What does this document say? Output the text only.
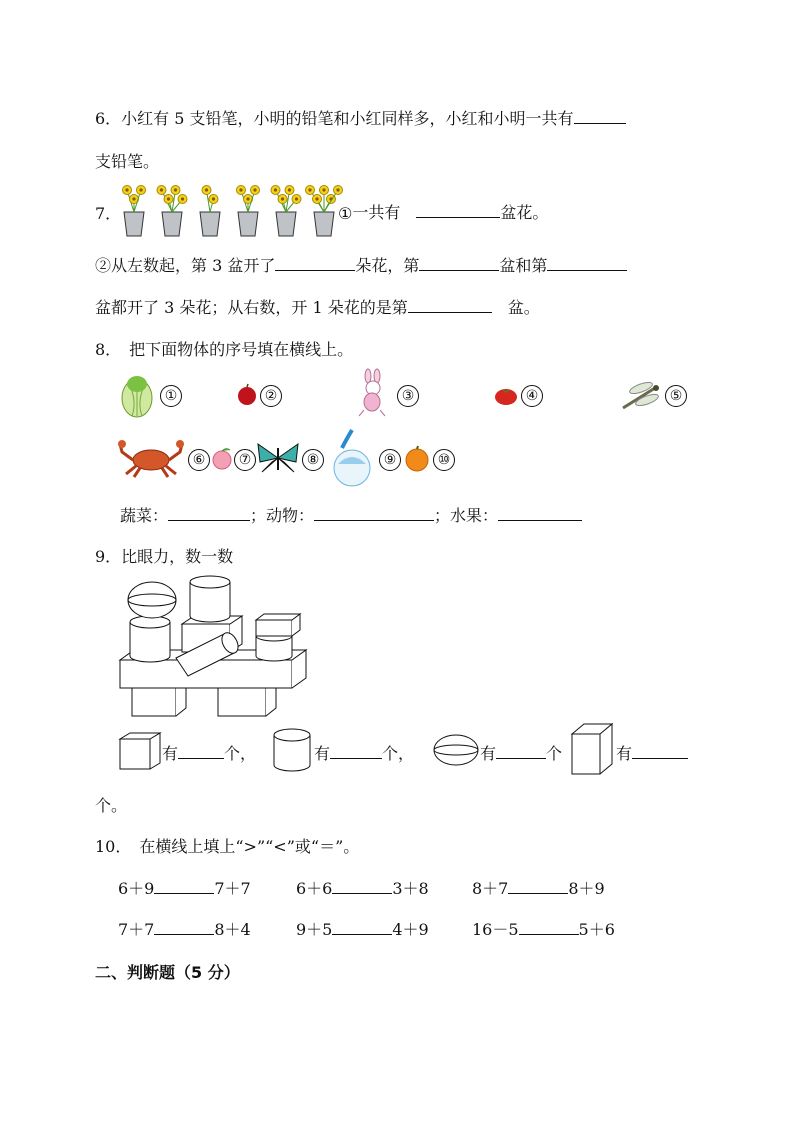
6．小红有 5 支铅笔，小明的铅笔和小红同样多，小红和小明一共有
支铅笔。
7．	①一共有　	盆花。
②从左数起，第 3 盆开了	朵花，第	盆和第
盆都开了 3 朵花；从右数，开 1 朵花的是第　	盆。
8．　把下面物体的序号填在横线上。
①	②	③	④	⑤
⑥	⑦	⑧	⑨	⑩
蔬菜：	；动物：	；水果：
9．比眼力，数一数
有	个，	有	个，	有	个	有
个。
10．　在横线上填上“>”“<”或“＝”。
6＋9	7＋7	6＋6	3＋8	8＋7	8＋9
7＋7	8＋4	9＋5	4＋9	16－5	5＋6
二、判断题（5 分）
